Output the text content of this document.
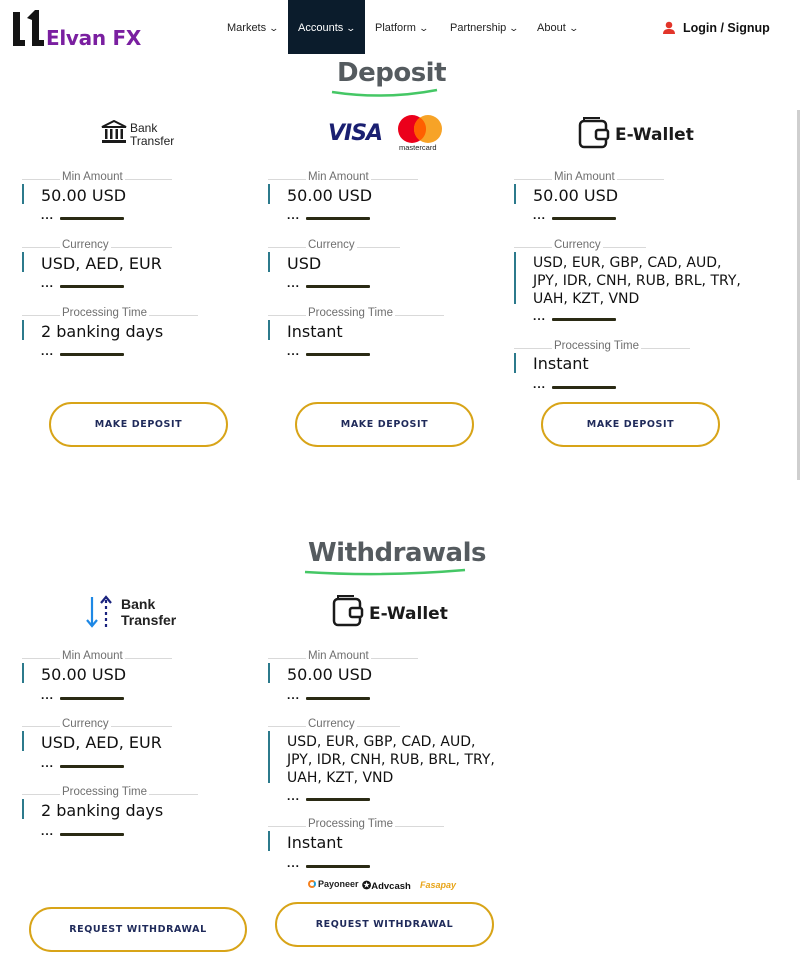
Elvan FX	Markets ⌄	Accounts ⌄	Platform ⌄ Partnership ⌄ About ⌄	Login / Signup
Deposit
Bank
Transfer
Min Amount
50.00 USD
...
Currency
USD, AED, EUR
...
Processing Time
2 banking days
...
MAKE DEPOSIT
VISA
mastercard
Min Amount
50.00 USD
...
Currency
USD
...
Processing Time
Instant
...
MAKE DEPOSIT
E-Wallet
Min Amount
50.00 USD
...
Currency
USD, EUR, GBP, CAD, AUD,
JPY, IDR, CNH, RUB, BRL, TRY,
UAH, KZT, VND
...
Processing Time
Instant
...
MAKE DEPOSIT
Withdrawals
Bank
Transfer
Min Amount
50.00 USD
...
Currency
USD, AED, EUR
...
Processing Time
2 banking days
...
REQUEST WITHDRAWAL
E-Wallet
Min Amount
50.00 USD
...
Currency
USD, EUR, GBP, CAD, AUD,
JPY, IDR, CNH, RUB, BRL, TRY,
UAH, KZT, VND
...
Processing Time
Instant
...
Payoneer ✪Advcash Fasapay
REQUEST WITHDRAWAL
